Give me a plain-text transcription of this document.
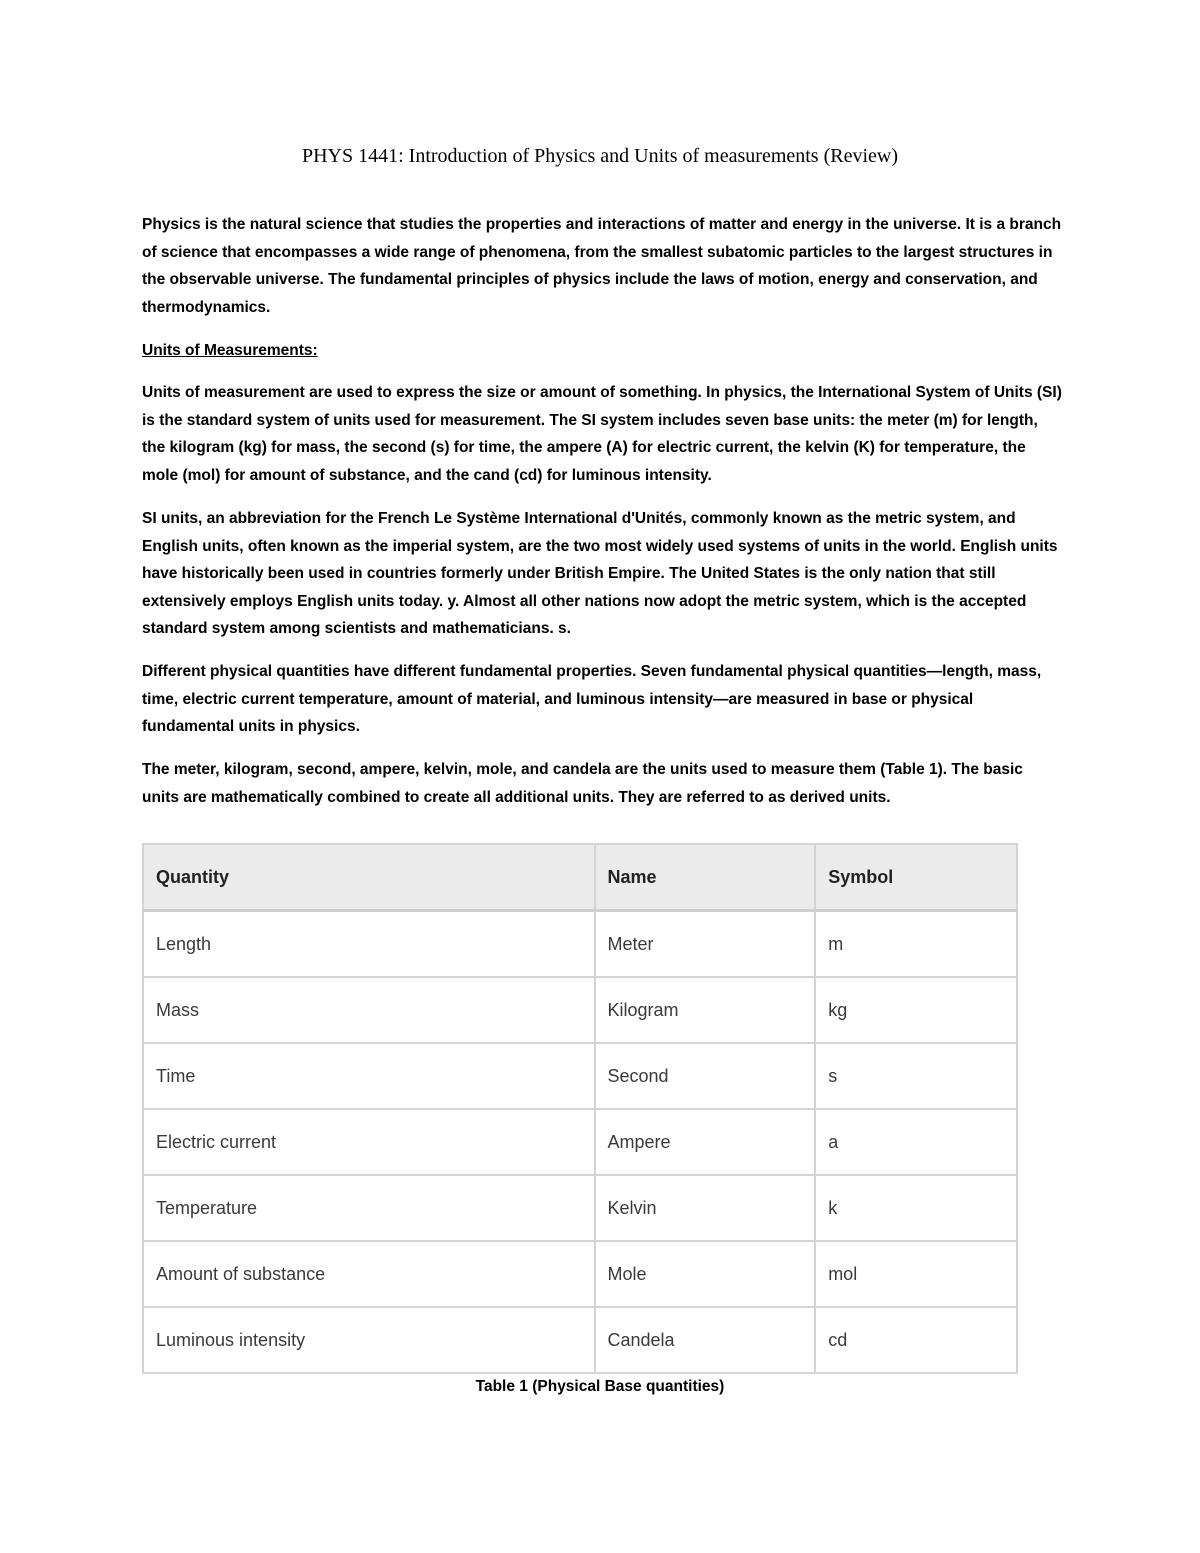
PHYS 1441: Introduction of Physics and Units of measurements (Review)

Physics is the natural science that studies the properties and interactions of matter and energy in the universe. It is a branch of science that encompasses a wide range of phenomena, from the smallest subatomic particles to the largest structures in the observable universe. The fundamental principles of physics include the laws of motion, energy and conservation, and thermodynamics.

Units of Measurements:

Units of measurement are used to express the size or amount of something. In physics, the International System of Units (SI) is the standard system of units used for measurement. The SI system includes seven base units: the meter (m) for length, the kilogram (kg) for mass, the second (s) for time, the ampere (A) for electric current, the kelvin (K) for temperature, the mole (mol) for amount of substance, and the cand (cd) for luminous intensity.

SI units, an abbreviation for the French Le Système International d'Unités, commonly known as the metric system, and English units, often known as the imperial system, are the two most widely used systems of units in the world. English units have historically been used in countries formerly under British Empire. The United States is the only nation that still extensively employs English units today. y. Almost all other nations now adopt the metric system, which is the accepted standard system among scientists and mathematicians. s.

Different physical quantities have different fundamental properties. Seven fundamental physical quantities—length, mass, time, electric current temperature, amount of material, and luminous intensity—are measured in base or physical fundamental units in physics.

The meter, kilogram, second, ampere, kelvin, mole, and candela are the units used to measure them (Table 1). The basic units are mathematically combined to create all additional units. They are referred to as derived units.

Quantity	Name	Symbol
Length	Meter	m
Mass	Kilogram	kg
Time	Second	s
Electric current	Ampere	a
Temperature	Kelvin	k
Amount of substance	Mole	mol
Luminous intensity	Candela	cd

Table 1 (Physical Base quantities)
